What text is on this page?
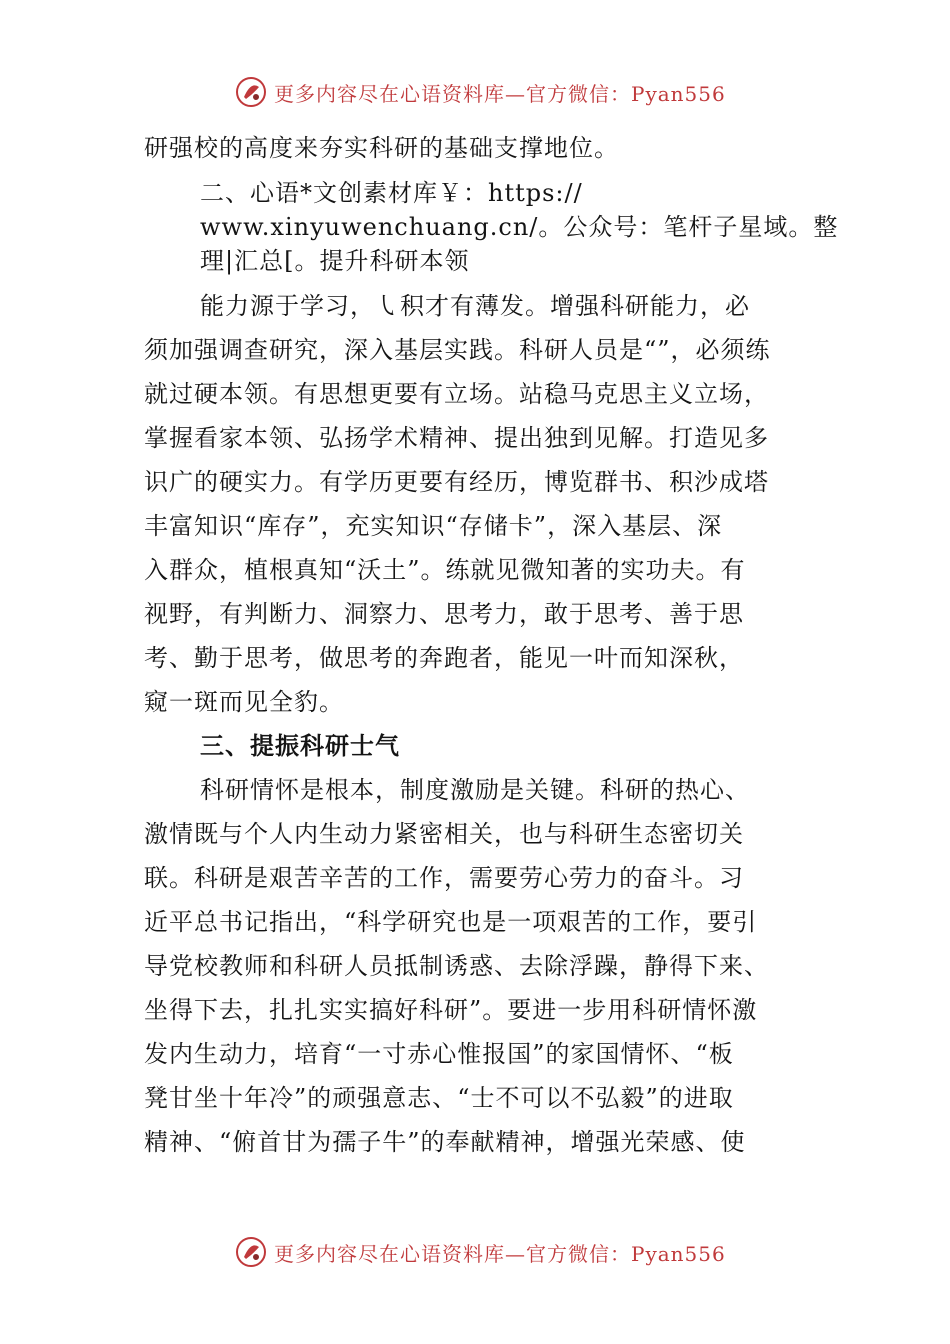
更多内容尽在心语资料库—官方微信：Pyan556

研强校的高度来夯实科研的基础支撑地位。

二、心语*文创素材库￥：https://

www.xinyuwenchuang.cn/。公众号：笔杆子星域。整

理|汇总[。提升科研本领

能力源于学习，㇂积才有薄发。增强科研能力，必

须加强调查研究，深入基层实践。科研人员是“”，必须练

就过硬本领。有思想更要有立场。站稳马克思主义立场，

掌握看家本领、弘扬学术精神、提出独到见解。打造见多

识广的硬实力。有学历更要有经历，博览群书、积沙成塔

丰富知识“库存”，充实知识“存储卡”，深入基层、深

入群众，植根真知“沃土”。练就见微知著的实功夫。有

视野，有判断力、洞察力、思考力，敢于思考、善于思

考、勤于思考，做思考的奔跑者，能见一叶而知深秋，

窥一斑而见全豹。

三、提振科研士气

科研情怀是根本，制度激励是关键。科研的热心、

激情既与个人内生动力紧密相关，也与科研生态密切关

联。科研是艰苦辛苦的工作，需要劳心劳力的奋斗。习

近平总书记指出，“科学研究也是一项艰苦的工作，要引

导党校教师和科研人员抵制诱惑、去除浮躁，静得下来、

坐得下去，扎扎实实搞好科研”。要进一步用科研情怀激

发内生动力，培育“一寸赤心惟报国”的家国情怀、“板

凳甘坐十年冷”的顽强意志、“士不可以不弘毅”的进取

精神、“俯首甘为孺子牛”的奉献精神，增强光荣感、使

更多内容尽在心语资料库—官方微信：Pyan556
